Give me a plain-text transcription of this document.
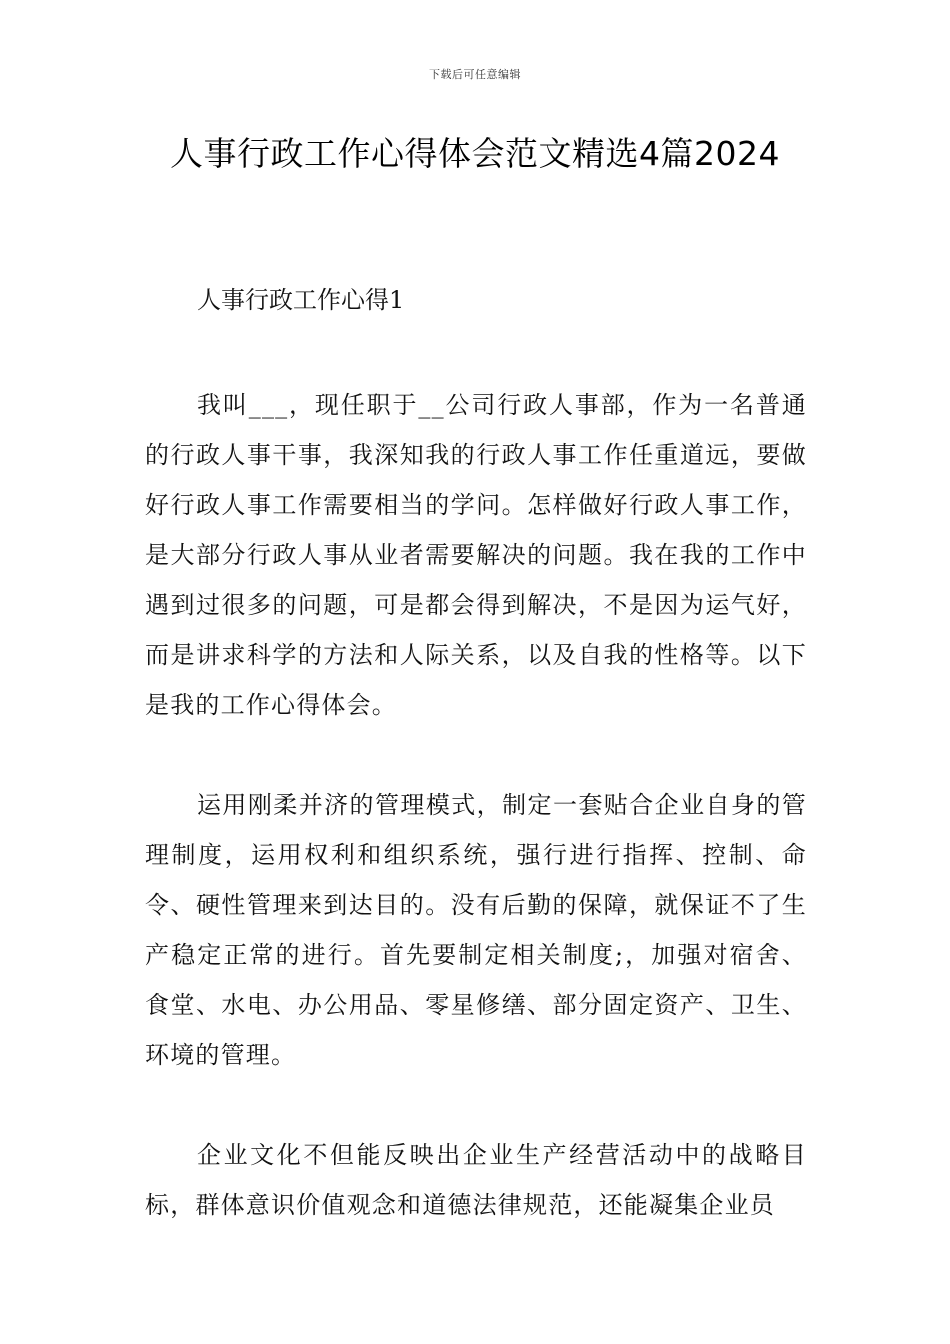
下载后可任意编辑
人事行政工作心得体会范文精选4篇2024

人事行政工作心得1

我叫___，现任职于__公司行政人事部，作为一名普通的行政人事干事，我深知我的行政人事工作任重道远，要做好行政人事工作需要相当的学问。怎样做好行政人事工作，是大部分行政人事从业者需要解决的问题。我在我的工作中遇到过很多的问题，可是都会得到解决，不是因为运气好，而是讲求科学的方法和人际关系，以及自我的性格等。以下是我的工作心得体会。

运用刚柔并济的管理模式，制定一套贴合企业自身的管理制度，运用权利和组织系统，强行进行指挥、控制、命令、硬性管理来到达目的。没有后勤的保障，就保证不了生产稳定正常的进行。首先要制定相关制度;，加强对宿舍、食堂、水电、办公用品、零星修缮、部分固定资产、卫生、环境的管理。

企业文化不但能反映出企业生产经营活动中的战略目标，群体意识价值观念和道德法律规范，还能凝集企业员
